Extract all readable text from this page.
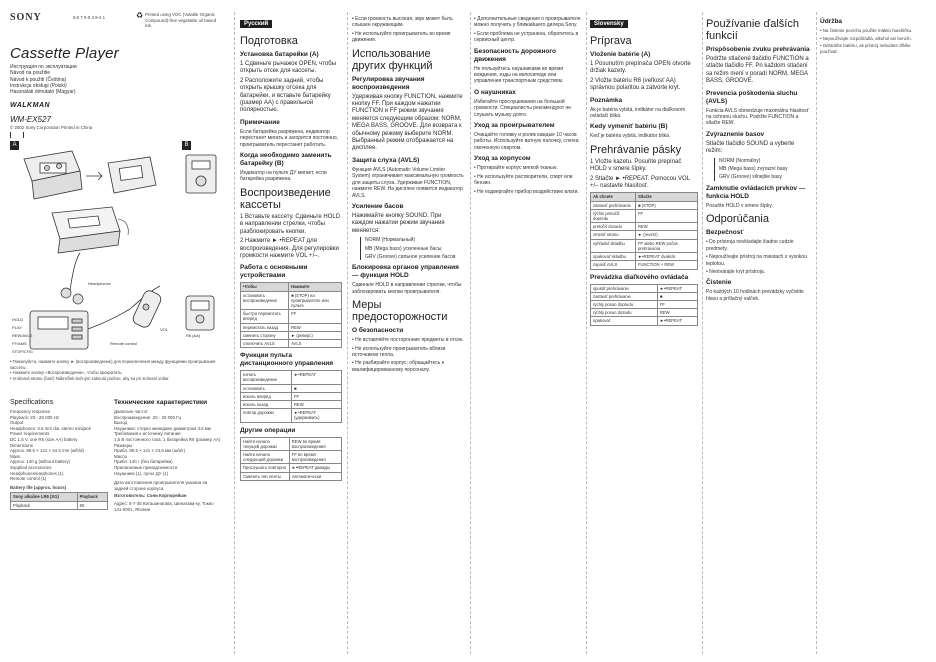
SONY	3-8 7 0-0 3 9-4 1	♻ Printed using VOC (Volatile Organic Compound)-free vegetable oil based ink.
Cassette Player
Инструкция по эксплуатации
Návod na použitie
Návod k použití (Čeština)
Instrukcja obsługi (Polski)
Használati útmutató (Magyar)
WALKMAN
WM-EX527
© 2002 Sony Corporation Printed in China
A	B
Headphones
HOLD
PLAY
REW/AVLS
FF/AMS
STOP/CHG
VOL
Remote control
R6 (AA)
• Пожалуйста, нажмите кнопку ► (воспроизведение) для переключения между функциями проигрывания кассеты.
• Нажмите кнопку «Воспроизведение», чтобы прекратить.
• Vnútorná stranu (časť) Nábrežiek bočným zaknutú pozície, aby sa pri snímaní voltar.
Specifications
Frequency response
Playback: 20 - 20 000 Hz
Output
Headphones: 3.5 mm dia. stereo minijack
Power requirements
DC 1.5 V, one R6 (size AA) battery
Dimensions
Approx. 89.5 × 121 × 24.5 mm (w/h/d)
Mass
Approx. 140 g (without battery)
Supplied accessories
Headphones/earphones (1)
Remote control (1)
Battery life (approx. hours)
Sony alkaline LR6 (SG)	Playback
Playback	60
Технические характеристики
Диапазон частот
Воспроизведение: 20 - 20 000 Гц
Выход
Наушники: стерео миниджек диаметром 3,5 мм
Требования к источнику питания
1,5 В постоянного тока, 1 батарейка R6 (размер АА)
Размеры
Прибл. 89,5 × 121 × 24,5 мм (ш/в/г)
Масса
Прибл. 140 г (без батарейки)
Прилагаемые принадлежности
Наушники (1), пульт ДУ (1)
Дата изготовления проигрывателя указана на задней стороне корпуса.
Изготовитель: Сони Корпорейшн
Адрес: 6-7-35 Киташинагава, Шинагава-ку, Токио 141-0001, Япония
Русский
Подготовка
Установка батарейки (A)
1 Сдвиньте рычажок OPEN, чтобы открыть отсек для кассеты.
2 Расположите задний, чтобы открыть крышку отсека для батарейки, и вставьте батарейку (размер АА) с правильной полярностью.
Примечание
Если батарейка разряжена, индикатор перестанет мигать и загорится постоянно, проигрыватель перестанет работать.
Когда необходимо заменить батарейку (B)
Индикатор на пульте ДУ мигает, если батарейка разряжена.
Воспроизведение кассеты
1 Вставьте кассету. Сдвиньте HOLD в направлении стрелки, чтобы разблокировать кнопки.
2 Нажмите ► •REPEAT для воспроизведения. Для регулировки громкости нажмите VOL +/–.
Работа с основными устройствами
Чтобы	Нажмите
остановить воспроизведение	■ (STOP) на проигрывателе или пульте
быстро перемотать вперёд	FF
перемотать назад	REW
сменить сторону	► (реверс)
отключить AVLS	AVLS
Функции пульта дистанционного управления
начать воспроизведение	►•REPEAT
остановить	■
искать вперёд	FF
искать назад	REW
повтор дорожки	►•REPEAT (удерживать)
Другие операции
Найти начало текущей дорожки	REW во время воспроизведения
Найти начало следующей дорожки	FF во время воспроизведения
Прослушать повторно	►•REPEAT дважды
Сменить тип ленты	Автоматически
• Если громкость высокая, звук может быть слышен окружающим.
• Не используйте проигрыватель во время движения.
Использование других функций
Регулировка звучания воспроизведения
Удерживая кнопку FUNCTION, нажмите кнопку FF. При каждом нажатии FUNCTION и FF режим звучания меняется следующим образом: NORM, MEGA BASS, GROOVE. Для возврата к обычному режиму выберите NORM. Выбранный режим отображается на дисплее.
Защита слуха (AVLS)
Функция AVLS (Automatic Volume Limiter System) ограничивает максимальную громкость для защиты слуха. Удерживая FUNCTION, нажмите REW. На дисплее появится индикатор AVLS.
Усиление басов
Нажимайте кнопку SOUND. При каждом нажатии режим звучания меняется:
NORM (Нормальный)
MB (Mega bass) усиленные басы
GRV (Groove) сильное усиление басов
Блокировка органов управления — функция HOLD
Сдвиньте HOLD в направлении стрелки, чтобы заблокировать кнопки проигрывателя.
Меры предосторожности
О безопасности
• Не вставляйте посторонние предметы в отсек.
• Не используйте проигрыватель вблизи источников тепла.
• Не разбирайте корпус; обращайтесь к квалифицированному персоналу.
• Дополнительные сведения о проигрывателе можно получить у ближайшего дилера Sony.
• Если проблема не устранена, обратитесь в сервисный центр.
Безопасность дорожного движения
Не пользуйтесь наушниками во время вождения, езды на велосипеде или управления транспортным средством.
О наушниках
Избегайте прослушивания на большой громкости. Специалисты рекомендуют не слушать музыку долго.
Уход за проигрывателем
Очищайте головку и ролик каждые 10 часов работы. Используйте ватную палочку, слегка смоченную спиртом.
Уход за корпусом
• Протирайте корпус мягкой тканью.
• Не используйте растворители, спирт или бензин.
• Не подвергайте прибор воздействию влаги.
Slovensky
Príprava
Vloženie batérie (A)
1 Posunutím prepínača OPEN otvorte držiak kazety.
2 Vložte batériu R6 (veľkosť AA) správnou polaritou a zatvorte kryt.
Poznámka
Ak je batéria vybitá, indikátor na diaľkovom ovládači bliká.
Kedy vymeniť batériu (B)
Keď je batéria vybitá, indikátor bliká.
Prehrávanie pásky
1 Vložte kazetu. Posuňte prepínač HOLD v smere šípky.
2 Stlačte ► •REPEAT. Pomocou VOL +/– nastavte hlasitosť.
Ak chcete	Stlačte
zastaviť prehrávanie	■ (STOP)
rýchlo pretočiť dopredu	FF
pretočiť dozadu	REW
zmeniť stranu	► (reverz)
vyhľadať skladbu	FF alebo REW počas prehrávania
opakovať skladbu	►•REPEAT dvakrát
zapnúť AVLS	FUNCTION + REW
Prevádzka diaľkového ovládača
spustiť prehrávanie	►•REPEAT
zastaviť prehrávanie	■
rýchly posun dopredu	FF
rýchly posun dozadu	REW
opakovať	►•REPEAT
Používanie ďalších funkcií
Prispôsobenie zvuku prehrávania
Podržte stlačené tlačidlo FUNCTION a stlačte tlačidlo FF. Pri každom stlačení sa režim mení v poradí NORM, MEGA BASS, GROOVE.
Prevencia poškodenia sluchu (AVLS)
Funkcia AVLS obmedzuje maximálnu hlasitosť na ochranu sluchu. Podržte FUNCTION a stlačte REW.
Zvýraznenie basov
Stlačte tlačidlo SOUND a vyberte režim:
NORM (Normálny)
MB (Mega bass) zvýrazní basy
GRV (Groove) silnejšie basy
Zamknutie ovládacích prvkov — funkcia HOLD
Posuňte HOLD v smere šípky.
Odporúčania
Bezpečnosť
• Do prístroja nevkladajte žiadne cudzie predmety.
• Nepoužívajte prístroj na miestach s vysokou teplotou.
• Neotvárajte kryt prístroja.
Čistenie
Po každých 10 hodinách prevádzky vyčistite hlavu a prítlačný valček.
Údržba
• Na čistenie povrchu použite mäkkú handričku.
• Nepoužívajte rozpúšťadlá, alkohol ani benzín.
• Odstráňte batériu, ak prístroj nebudete dlhšie používať.
